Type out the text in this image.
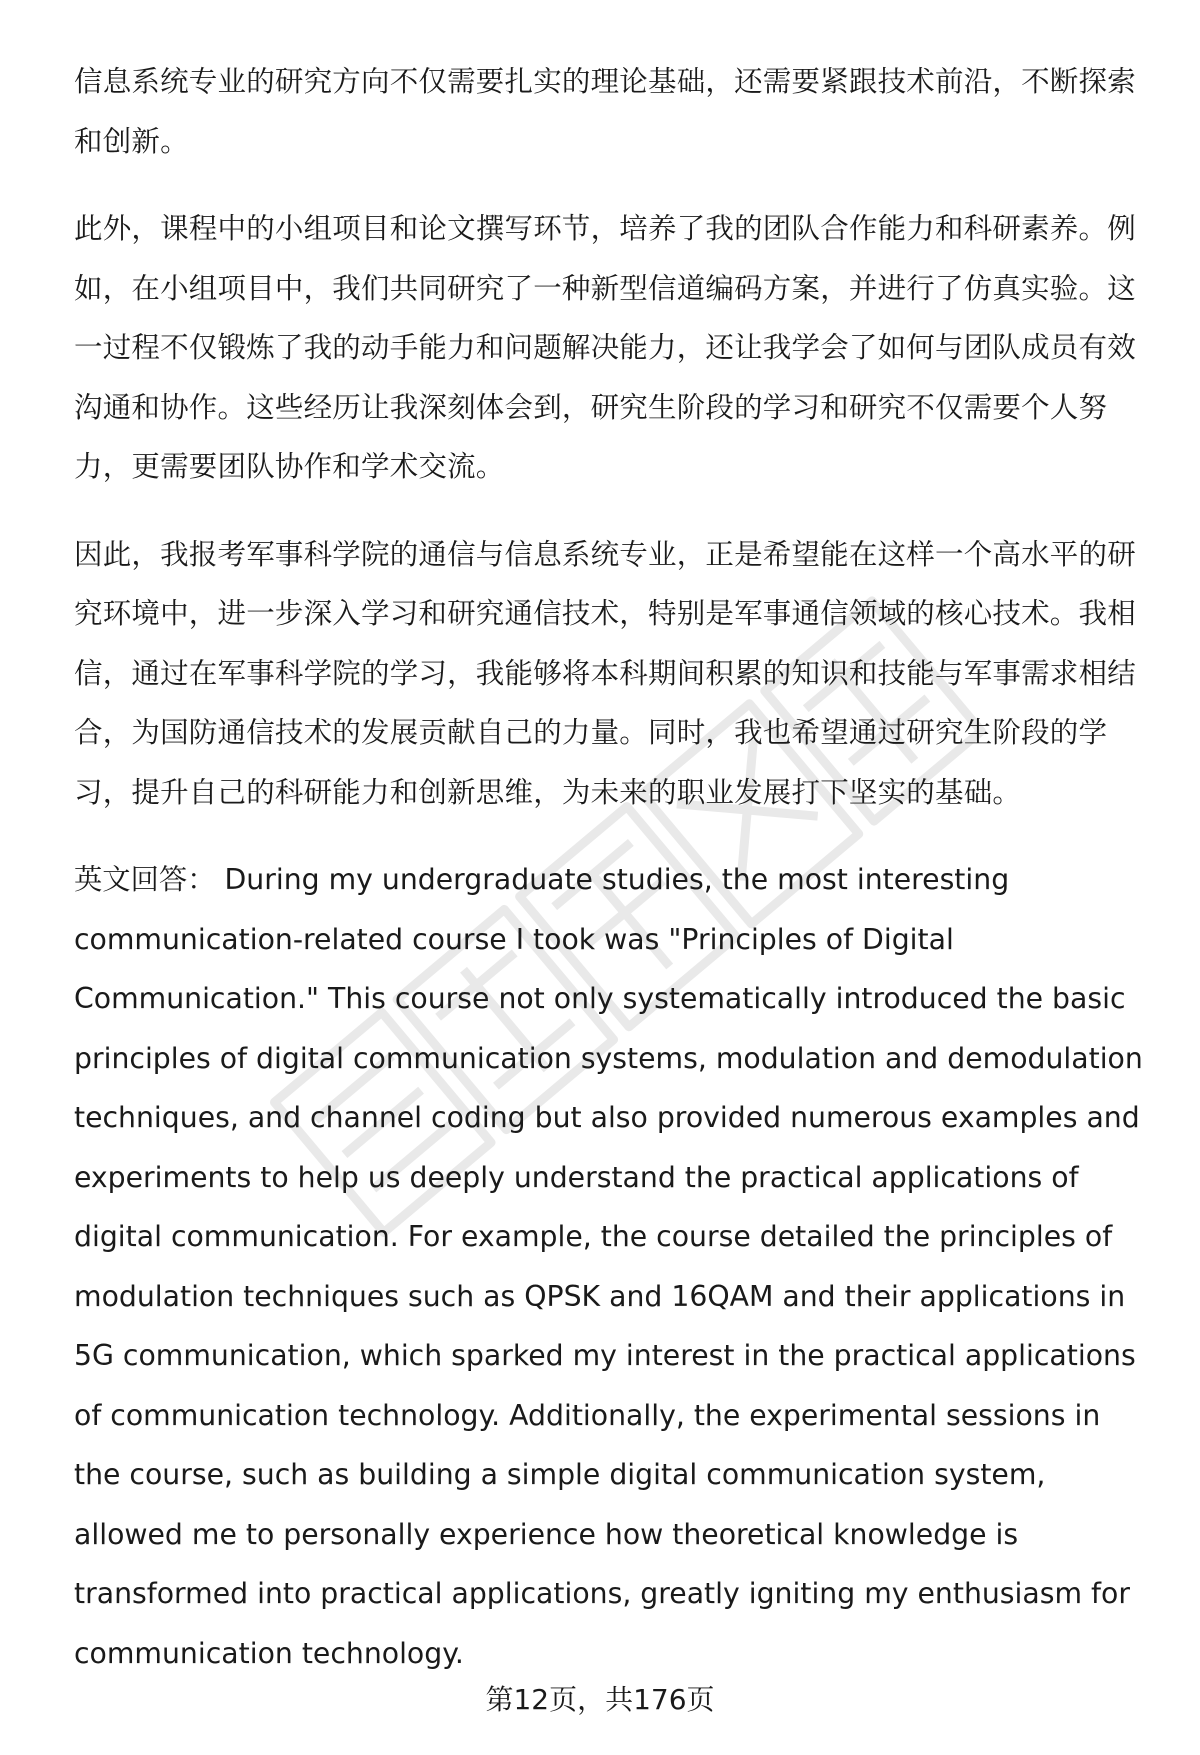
信息系统专业的研究方向不仅需要扎实的理论基础，还需要紧跟技术前沿，不断探索和创新。

此外，课程中的小组项目和论文撰写环节，培养了我的团队合作能力和科研素养。例如，在小组项目中，我们共同研究了一种新型信道编码方案，并进行了仿真实验。这一过程不仅锻炼了我的动手能力和问题解决能力，还让我学会了如何与团队成员有效沟通和协作。这些经历让我深刻体会到，研究生阶段的学习和研究不仅需要个人努力，更需要团队协作和学术交流。

因此，我报考军事科学院的通信与信息系统专业，正是希望能在这样一个高水平的研究环境中，进一步深入学习和研究通信技术，特别是军事通信领域的核心技术。我相信，通过在军事科学院的学习，我能够将本科期间积累的知识和技能与军事需求相结合，为国防通信技术的发展贡献自己的力量。同时，我也希望通过研究生阶段的学习，提升自己的科研能力和创新思维，为未来的职业发展打下坚实的基础。

英文回答： During my undergraduate studies, the most interesting communication-related course I took was "Principles of Digital Communication." This course not only systematically introduced the basic principles of digital communication systems, modulation and demodulation techniques, and channel coding but also provided numerous examples and experiments to help us deeply understand the practical applications of digital communication. For example, the course detailed the principles of modulation techniques such as QPSK and 16QAM and their applications in 5G communication, which sparked my interest in the practical applications of communication technology. Additionally, the experimental sessions in the course, such as building a simple digital communication system, allowed me to personally experience how theoretical knowledge is transformed into practical applications, greatly igniting my enthusiasm for communication technology.

第12页，共176页
